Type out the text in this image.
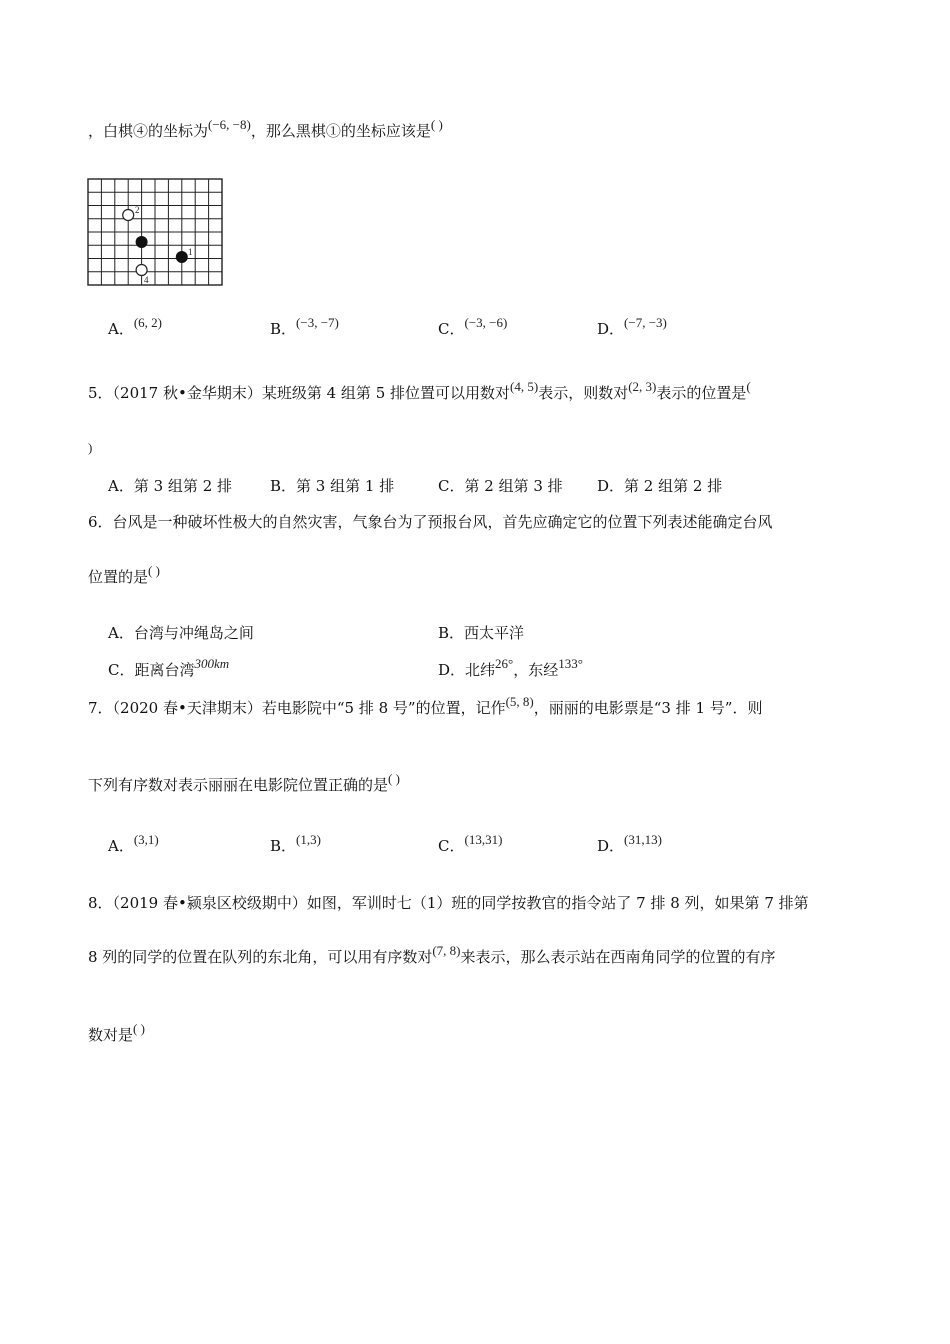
，白棋④的坐标为(−6, −8)，那么黑棋①的坐标应该是( )
2
1
4
A．(6, 2)	B．(−3, −7)	C．(−3, −6)	D．(−7, −3)
5．（2017 秋•金华期末）某班级第 4 组第 5 排位置可以用数对(4, 5)表示，则数对(2, 3)表示的位置是(
)
A．第 3 组第 2 排	B．第 3 组第 1 排	C．第 2 组第 3 排 D．第 2 组第 2 排
6．台风是一种破坏性极大的自然灾害，气象台为了预报台风，首先应确定它的位置下列表述能确定台风
位置的是( )
A．台湾与冲绳岛之间	B．西太平洋
C．距离台湾300km	D．北纬26°，东经133°
7．（2020 春•天津期末）若电影院中“5 排 8 号”的位置，记作(5, 8)，丽丽的电影票是“3 排 1 号”．则
下列有序数对表示丽丽在电影院位置正确的是( )
A．(3,1)	B．(1,3)	C．(13,31)	D．(31,13)
8．（2019 春•颍泉区校级期中）如图，军训时七（1）班的同学按教官的指令站了 7 排 8 列，如果第 7 排第
8 列的同学的位置在队列的东北角，可以用有序数对(7, 8)来表示，那么表示站在西南角同学的位置的有序
数对是( )
